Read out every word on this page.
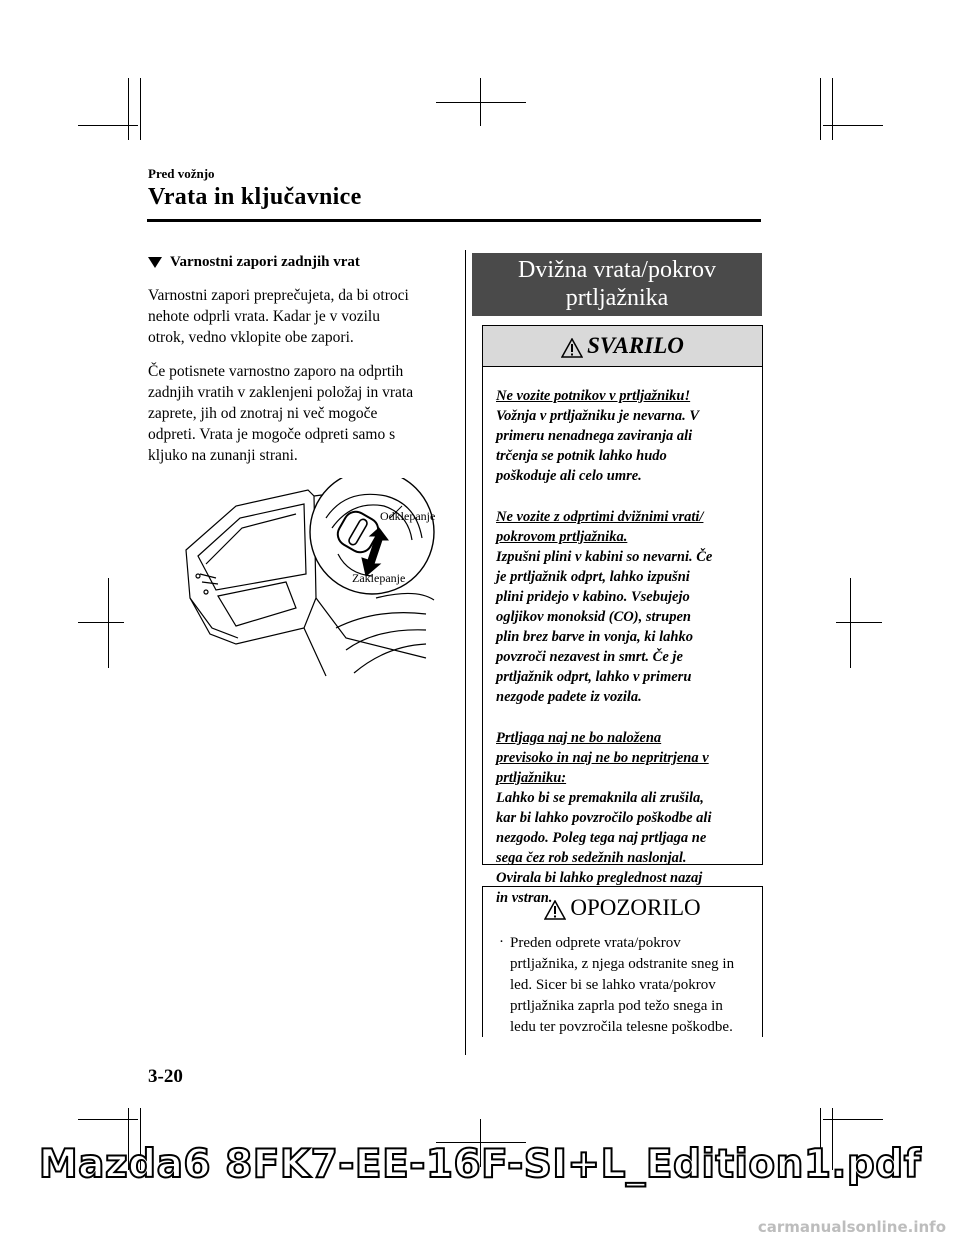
Pred vožnjo
Vrata in ključavnice
Varnostni zapori zadnjih vrat
Varnostni zapori preprečujeta, da bi otroci
nehote odprli vrata. Kadar je v vozilu
otrok, vedno vklopite obe zapori.
Če potisnete varnostno zaporo na odprtih
zadnjih vratih v zaklenjeni položaj in vrata
zaprete, jih od znotraj ni več mogoče
odpreti. Vrata je mogoče odpreti samo s
kljuko na zunanji strani.
Odklepanje
Zaklepanje
Dvižna vrata/pokrov
prtljažnika
SVARILO
Ne vozite potnikov v prtljažniku!
Vožnja v prtljažniku je nevarna. V
primeru nenadnega zaviranja ali
trčenja se potnik lahko hudo
poškoduje ali celo umre.
Ne vozite z odprtimi dvižnimi vrati/
pokrovom prtljažnika.
Izpušni plini v kabini so nevarni. Če
je prtljažnik odprt, lahko izpušni
plini pridejo v kabino. Vsebujejo
ogljikov monoksid (CO), strupen
plin brez barve in vonja, ki lahko
povzroči nezavest in smrt. Če je
prtljažnik odprt, lahko v primeru
nezgode padete iz vozila.
Prtljaga naj ne bo naložena
previsoko in naj ne bo nepritrjena v
prtljažniku:
Lahko bi se premaknila ali zrušila,
kar bi lahko povzročilo poškodbe ali
nezgodo. Poleg tega naj prtljaga ne
sega čez rob sedežnih naslonjal.
Ovirala bi lahko preglednost nazaj
in vstran. OPOZORILO
· Preden odprete vrata/pokrov
prtljažnika, z njega odstranite sneg in
led. Sicer bi se lahko vrata/pokrov
prtljažnika zaprla pod težo snega in
ledu ter povzročila telesne poškodbe.
3-20
Mazda6 8FK7-EE-16F-SI+L_Edition1.pdf
carmanualsonline.info
